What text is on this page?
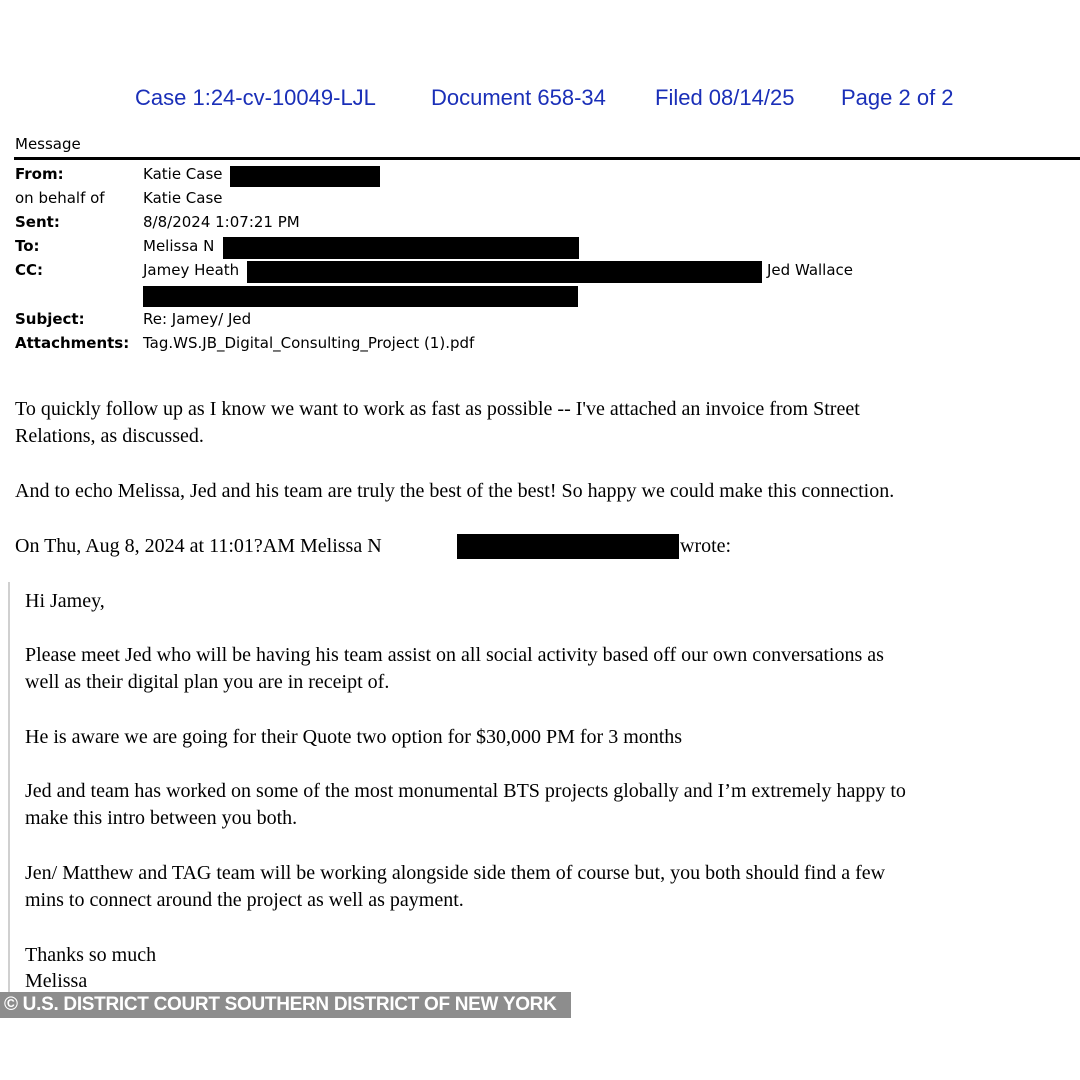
Case 1:24-cv-10049-LJL	Document 658-34 Filed 08/14/25 Page 2 of 2
Message
From:	Katie Case
on behalf of	Katie Case
Sent:	8/8/2024 1:07:21 PM
To:	Melissa N
CC:	Jamey Heath	Jed Wallace
Subject:	Re: Jamey/ Jed
Attachments: Tag.WS.JB_Digital_Consulting_Project (1).pdf
To quickly follow up as I know we want to work as fast as possible -- I've attached an invoice from Street
Relations, as discussed.
And to echo Melissa, Jed and his team are truly the best of the best! So happy we could make this connection.
On Thu, Aug 8, 2024 at 11:01?AM Melissa N	wrote:
Hi Jamey,
Please meet Jed who will be having his team assist on all social activity based off our own conversations as
well as their digital plan you are in receipt of.
He is aware we are going for their Quote two option for $30,000 PM for 3 months
Jed and team has worked on some of the most monumental BTS projects globally and I’m extremely happy to
make this intro between you both.
Jen/ Matthew and TAG team will be working alongside side them of course but, you both should find a few
mins to connect around the project as well as payment.
Thanks so much
Melissa
© U.S. DISTRICT COURT SOUTHERN DISTRICT OF NEW YORK
